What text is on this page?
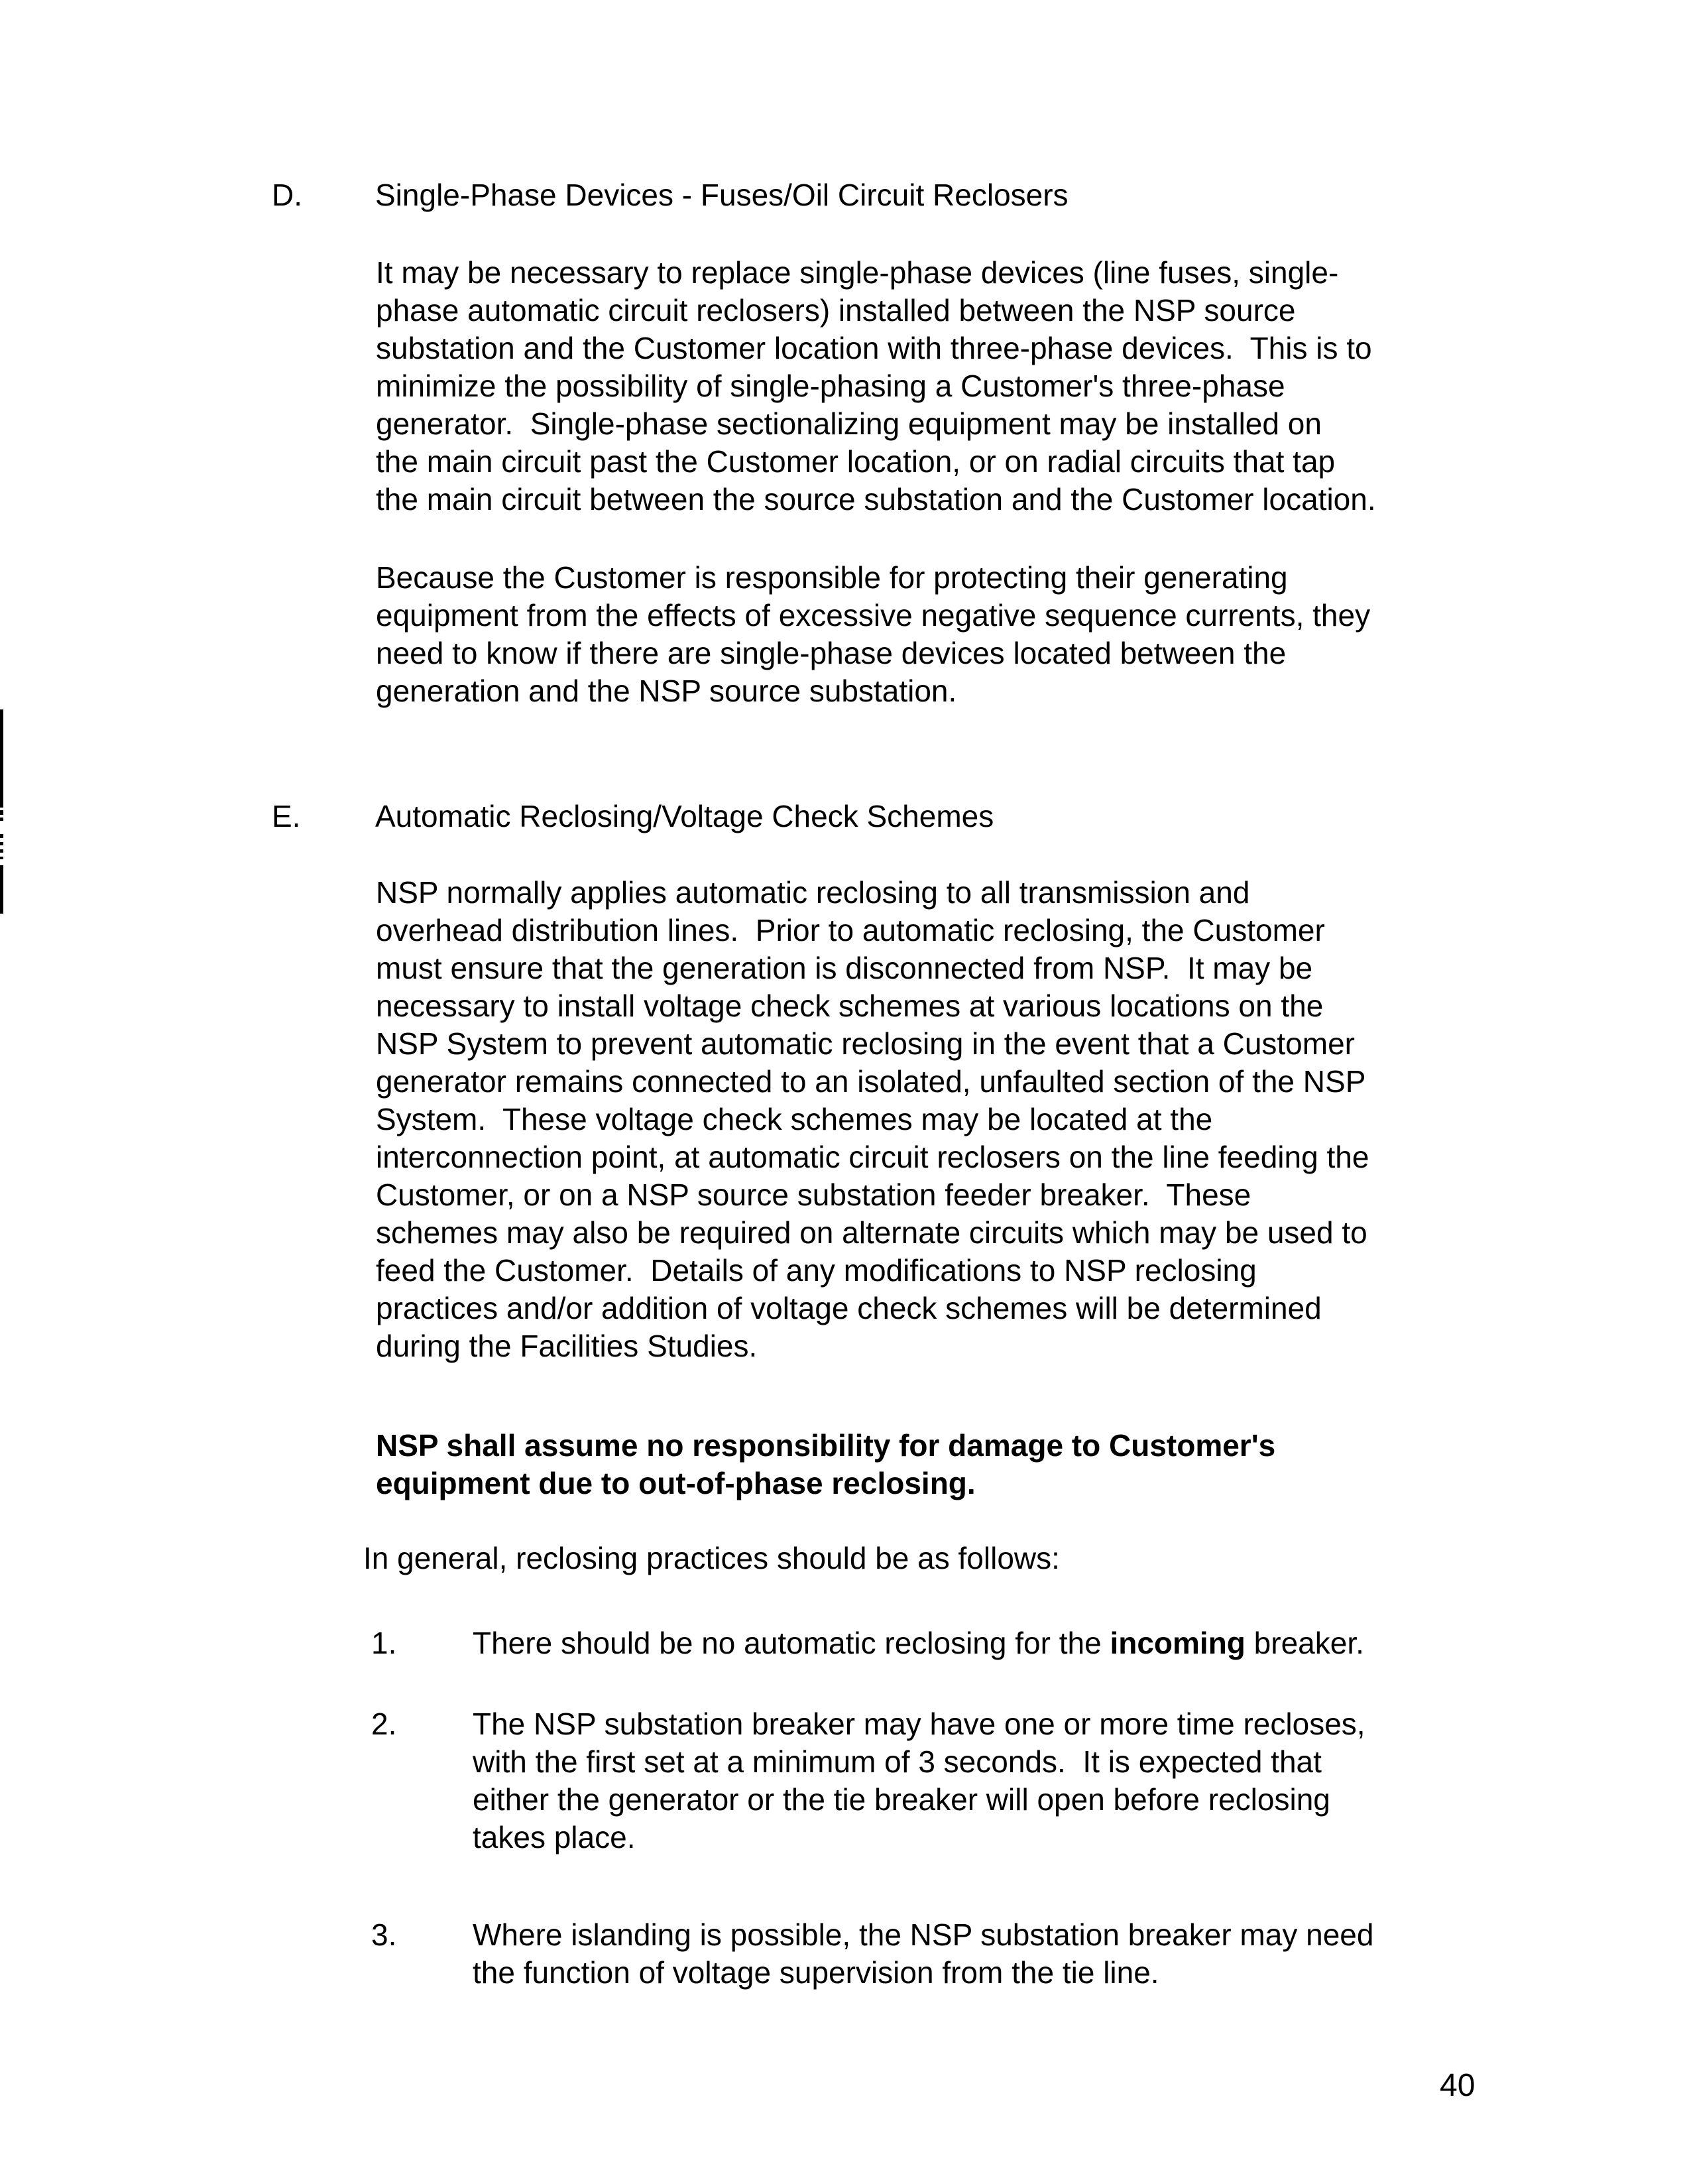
D. Single-Phase Devices - Fuses/Oil Circuit Reclosers
It may be necessary to replace single-phase devices (line fuses, single-
phase automatic circuit reclosers) installed between the NSP source
substation and the Customer location with three-phase devices.  This is to
minimize the possibility of single-phasing a Customer's three-phase
generator.  Single-phase sectionalizing equipment may be installed on
the main circuit past the Customer location, or on radial circuits that tap
the main circuit between the source substation and the Customer location.
Because the Customer is responsible for protecting their generating
equipment from the effects of excessive negative sequence currents, they
need to know if there are single-phase devices located between the
generation and the NSP source substation.
E. Automatic Reclosing/Voltage Check Schemes
NSP normally applies automatic reclosing to all transmission and
overhead distribution lines.  Prior to automatic reclosing, the Customer
must ensure that the generation is disconnected from NSP.  It may be
necessary to install voltage check schemes at various locations on the
NSP System to prevent automatic reclosing in the event that a Customer
generator remains connected to an isolated, unfaulted section of the NSP
System.  These voltage check schemes may be located at the
interconnection point, at automatic circuit reclosers on the line feeding the
Customer, or on a NSP source substation feeder breaker.  These
schemes may also be required on alternate circuits which may be used to
feed the Customer.  Details of any modifications to NSP reclosing
practices and/or addition of voltage check schemes will be determined
during the Facilities Studies.
NSP shall assume no responsibility for damage to Customer's
equipment due to out-of-phase reclosing.
In general, reclosing practices should be as follows:
1. There should be no automatic reclosing for the incoming breaker.
2. The NSP substation breaker may have one or more time recloses,
with the first set at a minimum of 3 seconds.  It is expected that
either the generator or the tie breaker will open before reclosing
takes place.
3. Where islanding is possible, the NSP substation breaker may need
the function of voltage supervision from the tie line.
40
